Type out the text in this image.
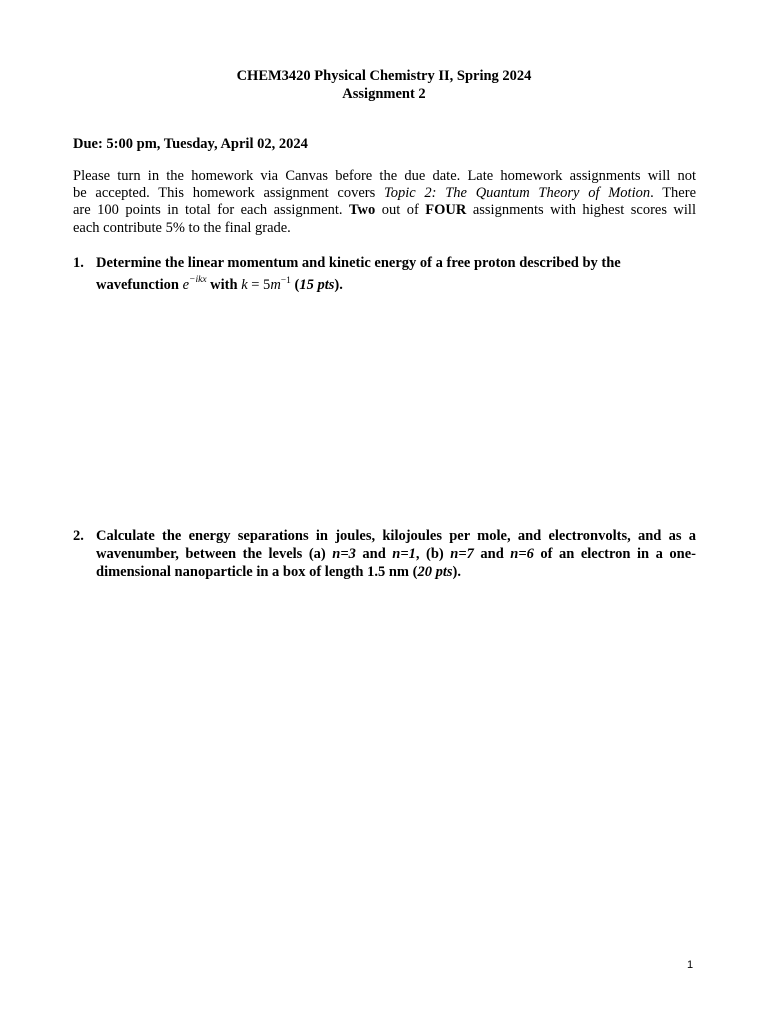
CHEM3420 Physical Chemistry II, Spring 2024
Assignment 2
Due: 5:00 pm, Tuesday, April 02, 2024
Please turn in the homework via Canvas before the due date. Late homework assignments will not
be accepted. This homework assignment covers Topic 2: The Quantum Theory of Motion. There
are 100 points in total for each assignment. Two out of FOUR assignments with highest scores will
each contribute 5% to the final grade.
1. Determine the linear momentum and kinetic energy of a free proton described by the
wavefunction $e^{-ikx}$ with $k = 5m^{-1}$ (15 pts).
2. Calculate the energy separations in joules, kilojoules per mole, and electronvolts, and as a
wavenumber, between the levels (a) n=3 and n=1, (b) n=7 and n=6 of an electron in a one-
dimensional nanoparticle in a box of length 1.5 nm (20 pts).
1
